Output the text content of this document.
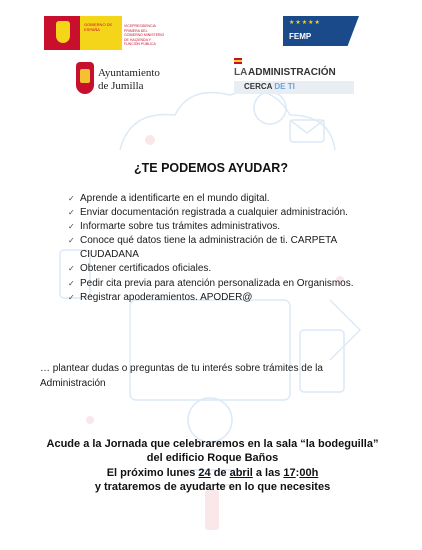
GOBIERNO DE ESPAÑA
VICEPRESIDENCIA PRIMERA DEL GOBIERNO MINISTERIO DE HACIENDA Y FUNCIÓN PÚBLICA
★★★★★
FEMP
Ayuntamiento
de Jumilla
LA ADMINISTRACIÓN
CERCA DE TI
¿TE PODEMOS AYUDAR?
✓ Aprende a identificarte en el mundo digital.
✓ Enviar documentación registrada a cualquier administración.
✓ Informarte sobre tus trámites administrativos.
✓ Conoce qué datos tiene la administración de ti. CARPETA CIUDADANA
✓ Obtener certificados oficiales.
✓ Pedir cita previa para atención personalizada en Organismos.
✓ Registrar apoderamientos. APODER@
… plantear dudas o preguntas de tu interés sobre trámites de la Administración
Acude a la Jornada que celebraremos en la sala “la bodeguilla” del edificio Roque Baños
El próximo lunes 24 de abril a las 17:00h
y trataremos de ayudarte en lo que necesites
